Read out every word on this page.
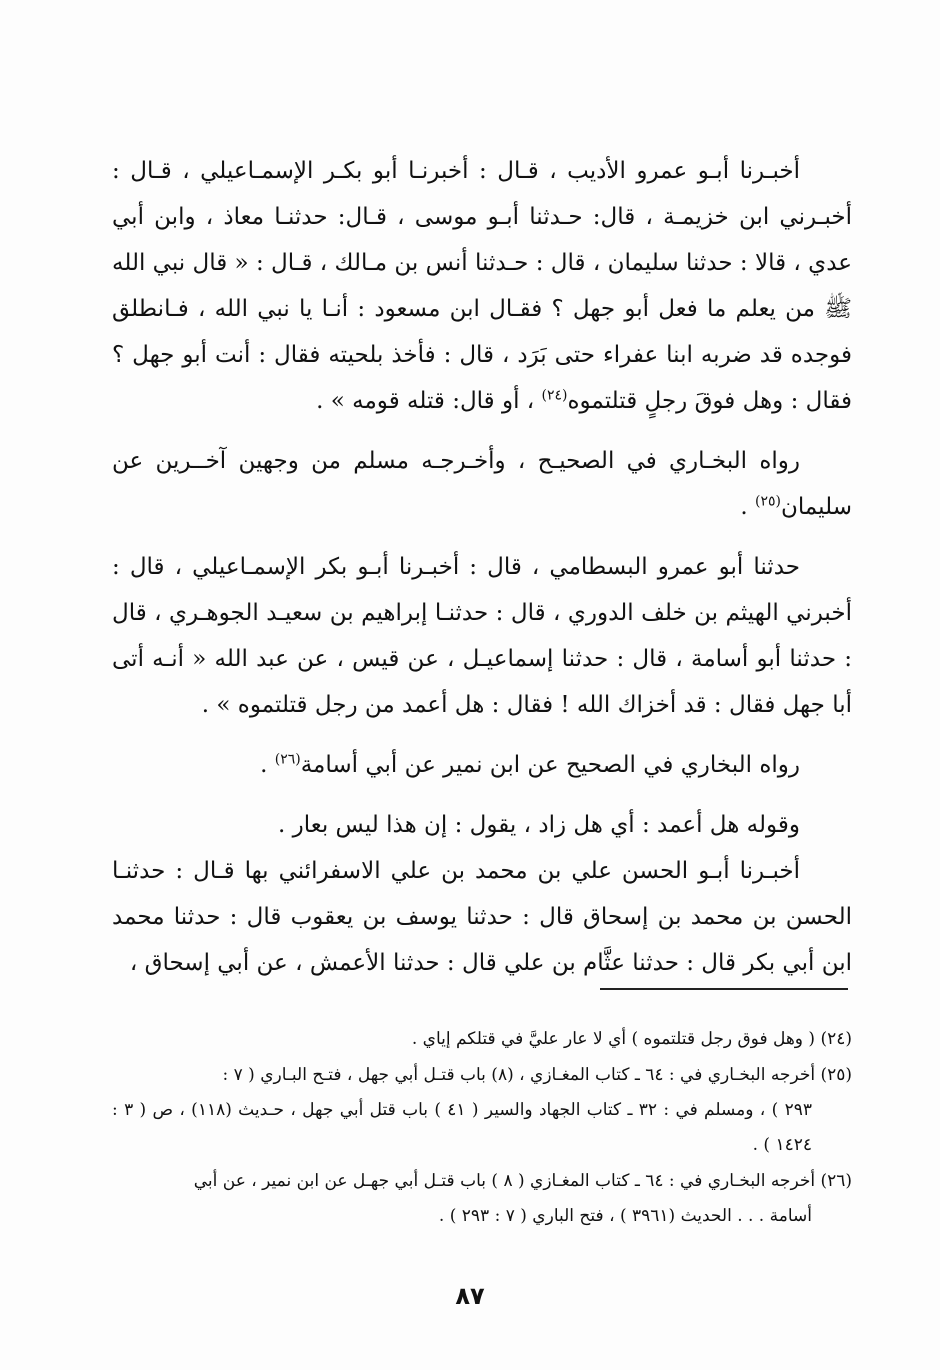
أخبـرنا أبـو عمرو الأديب ، قـال : أخبرنـا أبو بكـر الإسمـاعيلي ، قـال : أخبـرني ابن خزيمـة ، قال: حـدثنا أبـو موسى ، قـال: حدثنـا معاذ ، وابن أبي عدي ، قالا : حدثنا سليمان ، قال : حـدثنا أنس بن مـالك ، قـال : « قال نبي الله ﷺ من يعلم ما فعل أبو جهل ؟ فقـال ابن مسعود : أنـا يا نبي الله ، فـانطلق فوجده قد ضربه ابنا عفراء حتى بَرَد ، قال : فأخذ بلحيته فقال : أنت أبو جهل ؟ فقال : وهل فوقَ رجلٍ قتلتموه$^{(٢٤)}$ ، أو قال: قتله قومه » .

رواه البخـاري في الصحيـح ، وأخـرجـه مسلم من وجهين آخــرين عن سليمان$^{(٢٥)}$ .

حدثنا أبو عمرو البسطامي ، قال : أخبـرنا أبـو بكر الإسمـاعيلي ، قال : أخبرني الهيثم بن خلف الدوري ، قال : حدثنـا إبراهيم بن سعيـد الجوهـري ، قال : حدثنا أبو أسامة ، قال : حدثنا إسماعيـل ، عن قيس ، عن عبد الله « أنـه أتى أبا جهل فقال : قد أخزاك الله ! فقال : هل أعمد من رجل قتلتموه » .

رواه البخاري في الصحيح عن ابن نمير عن أبي أسامة$^{(٢٦)}$ .

وقوله هل أعمد : أي هل زاد ، يقول : إن هذا ليس بعار .

أخبـرنا أبـو الحسن علي بن محمد بن علي الاسفرائني بها قـال : حدثنـا الحسن بن محمد بن إسحاق قال : حدثنا يوسف بن يعقوب قال : حدثنا محمد ابن أبي بكر قال : حدثنا عثَّام بن علي قال : حدثنا الأعمش ، عن أبي إسحاق ،

(٢٤) ( وهل فوق رجل قتلتموه ) أي لا عار عليَّ في قتلكم إياي .

(٢٥) أخرجه البخـاري في : ٦٤ ـ كتاب المغـازي ، (٨) باب قتـل أبي جهل ، فتـح البـاري ( ٧ :
٢٩٣ ) ، ومسلم في : ٣٢ ـ كتاب الجهاد والسير ( ٤١ ) باب قتل أبي جهل ، حـديث (١١٨) ، ص ( ٣ : ١٤٢٤ ) .

(٢٦) أخرجه البخـاري في : ٦٤ ـ كتاب المغـازي ( ٨ ) باب قتـل أبي جهـل عن ابن نمير ، عن أبي
أسامة . . . الحديث (٣٩٦١ ) ، فتح الباري ( ٧ : ٢٩٣ ) .

٨٧
